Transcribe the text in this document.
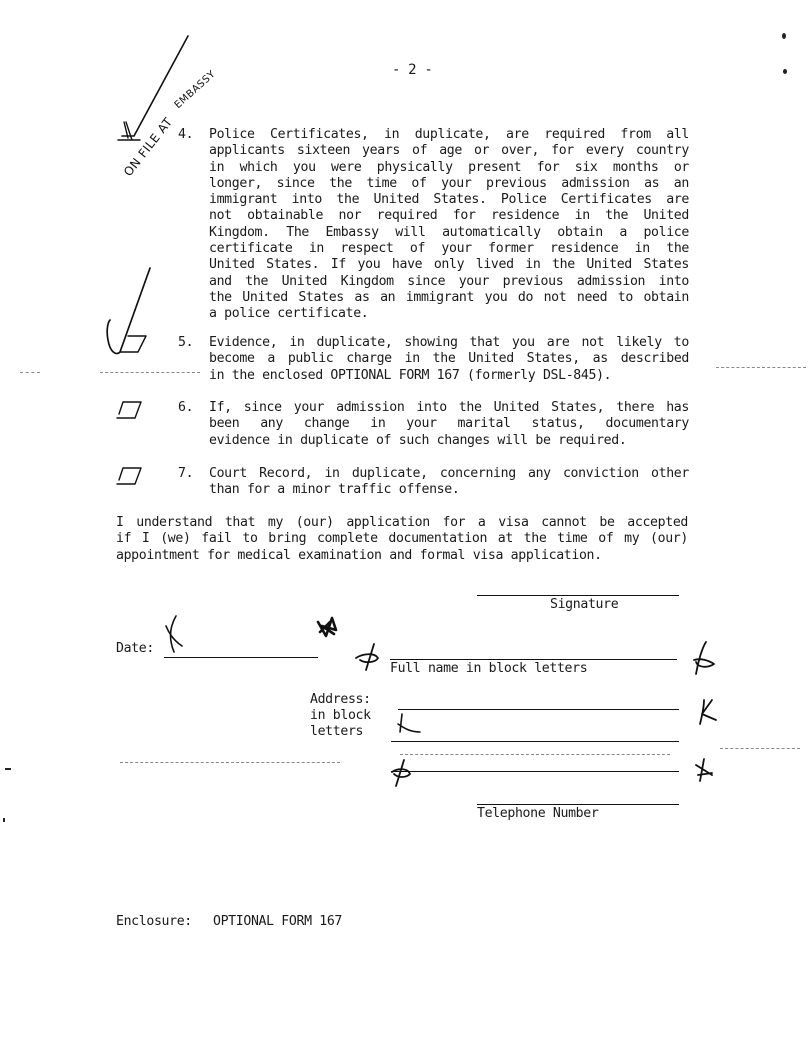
- 2 -
ON FILE AT
EMBASSY
4.	Police Certificates, in duplicate, are required from all
applicants sixteen years of age or over, for every country
in which you were physically present for six months or
longer, since the time of your previous admission as an
immigrant into the United States. Police Certificates are
not obtainable nor required for residence in the United
Kingdom. The Embassy will automatically obtain a police
certificate in respect of your former residence in the
United States. If you have only lived in the United States
and the United Kingdom since your previous admission into
the United States as an immigrant you do not need to obtain
a police certificate.
5.	Evidence, in duplicate, showing that you are not likely to
become a public charge in the United States, as described
in the enclosed OPTIONAL FORM 167 (formerly DSL-845).
6.	If, since your admission into the United States, there has
been any change in your marital status, documentary
evidence in duplicate of such changes will be required.
7.	Court Record, in duplicate, concerning any conviction other
than for a minor traffic offense.
I understand that my (our) application for a visa cannot be accepted
if I (we) fail to bring complete documentation at the time of my (our)
appointment for medical examination and formal visa application.
Signature
Date:
Full name in block letters
Address:
in block
letters
Telephone Number
Enclosure: OPTIONAL FORM 167
